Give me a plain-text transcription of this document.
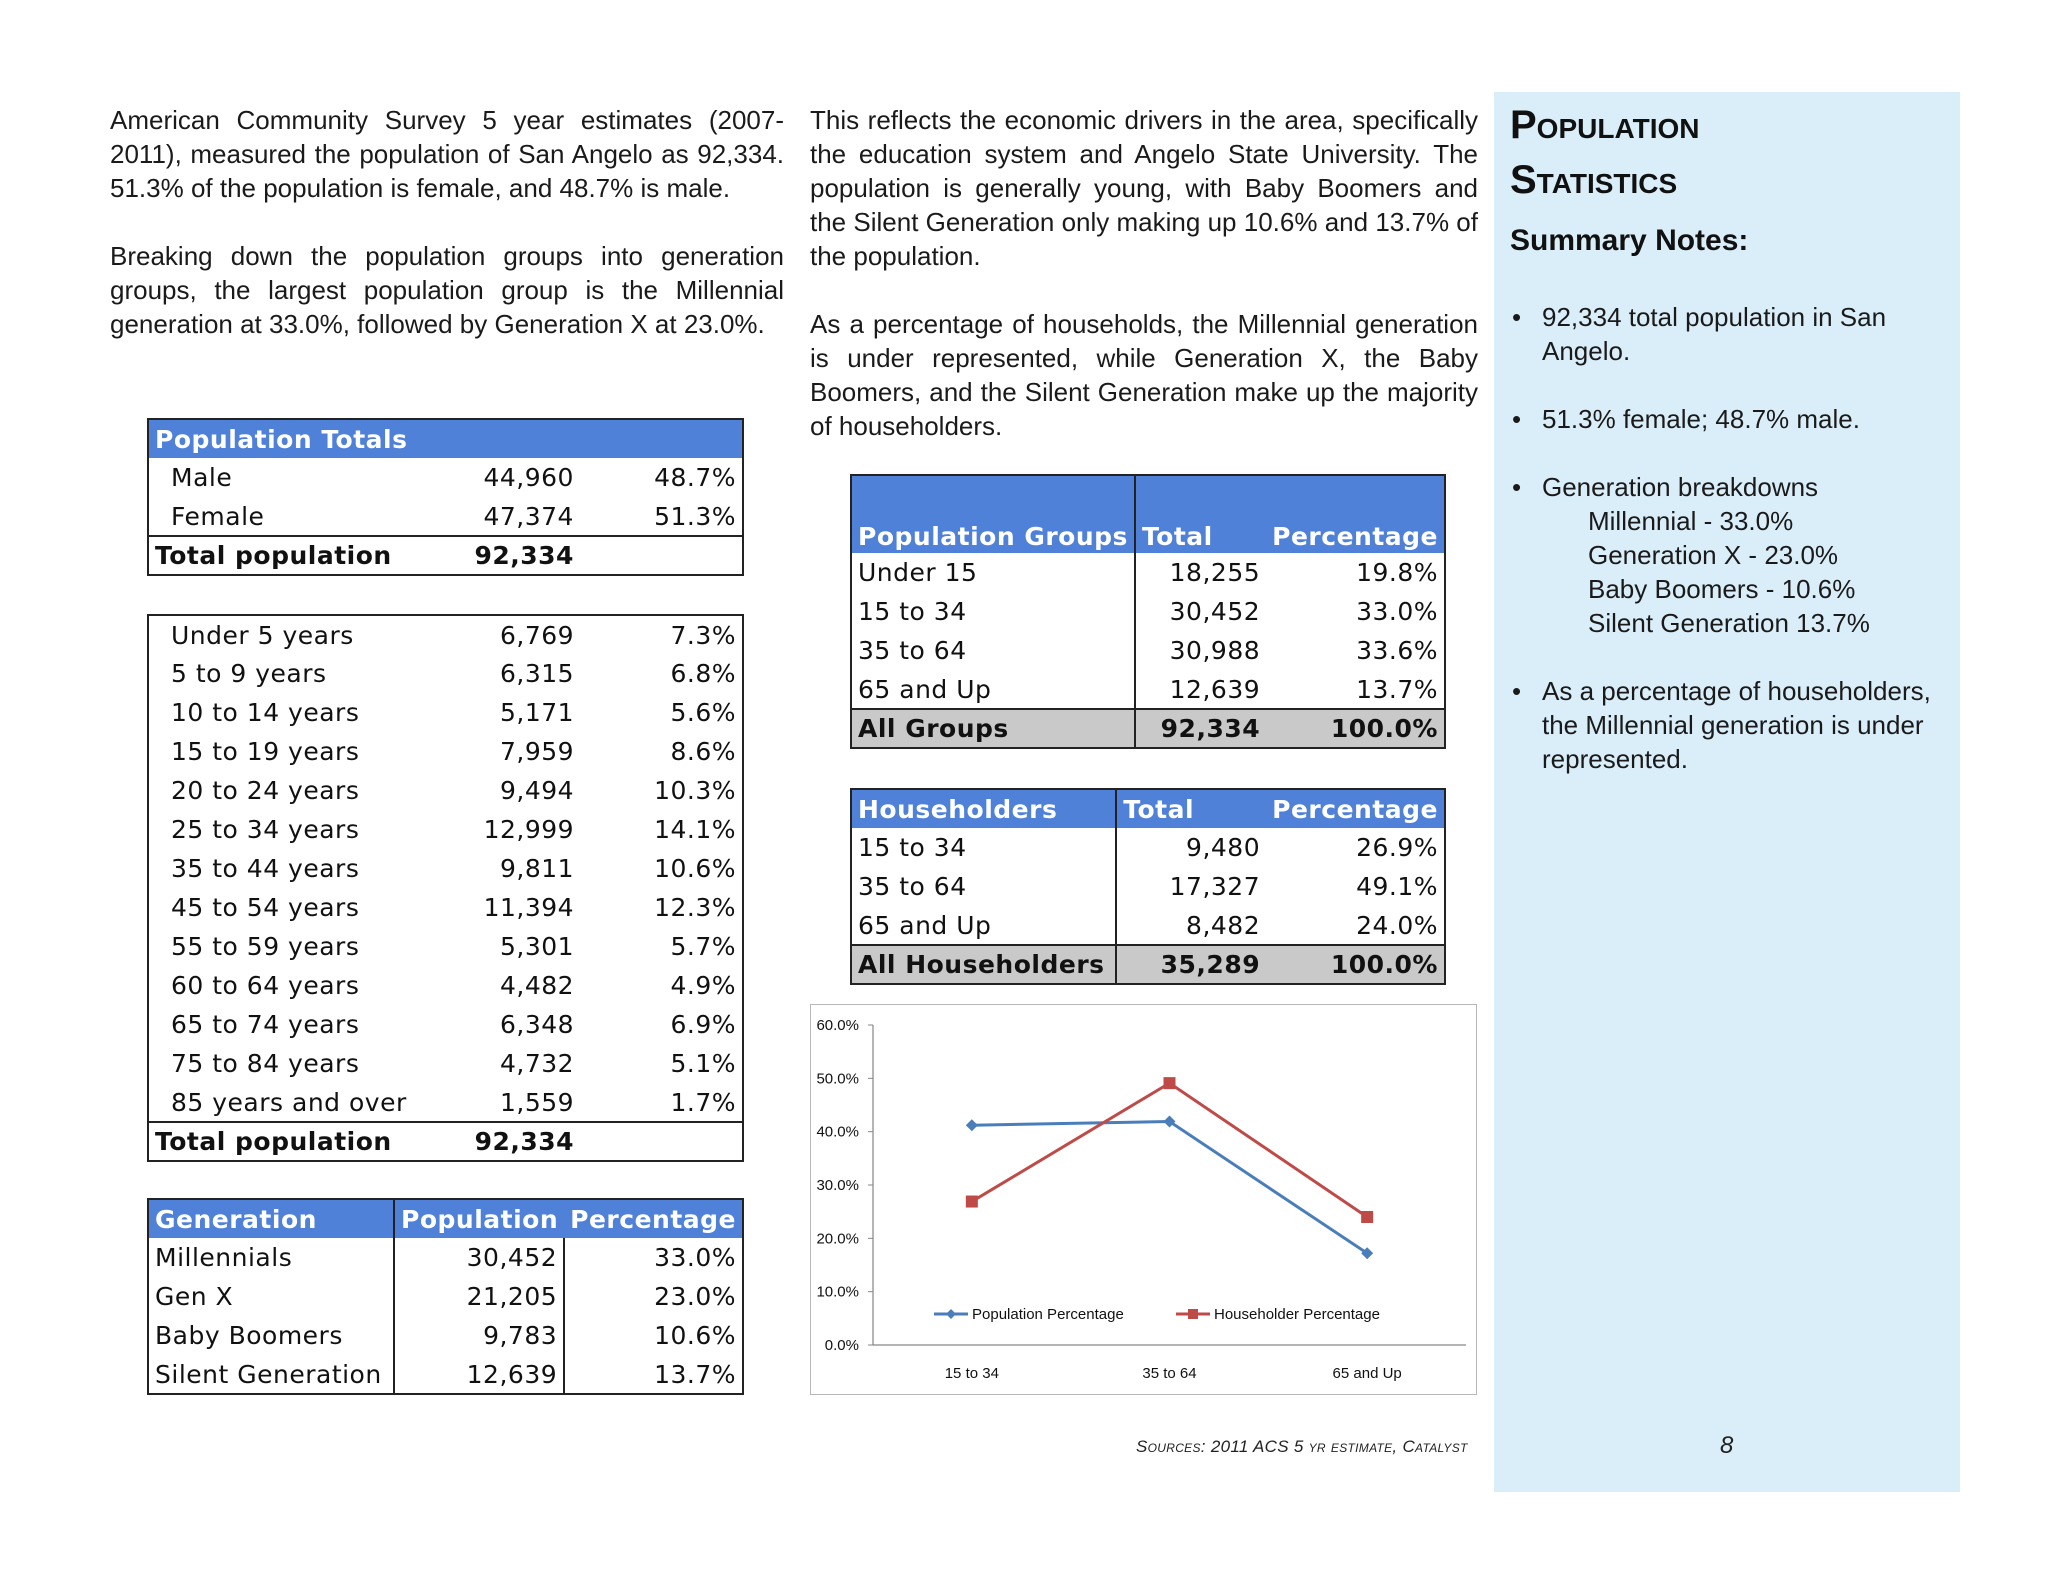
American Community Survey 5 year estimates (2007-2011), measured the population of San Angelo as 92,334. 51.3% of the population is female, and 48.7% is male.

Breaking down the population groups into generation groups, the largest population group is the Millennial generation at 33.0%, followed by Generation X at 23.0%.

This reflects the economic drivers in the area, specifically the education system and Angelo State University. The population is generally young, with Baby Boomers and the Silent Generation only making up 10.6% and 13.7% of the population.

As a percentage of households, the Millennial generation is under represented, while Generation X, the Baby Boomers, and the Silent Generation make up the majority of householders.

Population Totals		
Male	44,960	48.7%
Female	47,374	51.3%
Total population	92,334	
Under 5 years	6,769	7.3%
5 to 9 years	6,315	6.8%
10 to 14 years	5,171	5.6%
15 to 19 years	7,959	8.6%
20 to 24 years	9,494	10.3%
25 to 34 years	12,999	14.1%
35 to 44 years	9,811	10.6%
45 to 54 years	11,394	12.3%
55 to 59 years	5,301	5.7%
60 to 64 years	4,482	4.9%
65 to 74 years	6,348	6.9%
75 to 84 years	4,732	5.1%
85 years and over	1,559	1.7%
Total population	92,334	
Generation	Population	Percentage
Millennials	30,452	33.0%
Gen X	21,205	23.0%
Baby Boomers	9,783	10.6%
Silent Generation	12,639	13.7%
Population Groups	Total	Percentage
Under 15	18,255	19.8%
15 to 34	30,452	33.0%
35 to 64	30,988	33.6%
65 and Up	12,639	13.7%
All Groups	92,334	100.0%
Householders	Total	Percentage
15 to 34	9,480	26.9%
35 to 64	17,327	49.1%
65 and Up	8,482	24.0%
All Householders	35,289	100.0%
0.0%
10.0%
20.0%
30.0%
40.0%
50.0%
60.0%
15 to 34	35 to 64	65 and Up
Population Percentage	Householder Percentage
Sources: 2011 ACS 5 yr estimate, Catalyst
Population
Statistics
Summary Notes:
• 92,334 total population in San Angelo.
• 51.3% female; 48.7% male.
• Generation breakdowns
Millennial - 33.0%
Generation X - 23.0%
Baby Boomers - 10.6%
Silent Generation 13.7%
• As a percentage of householders, the Millennial generation is under represented.
8
